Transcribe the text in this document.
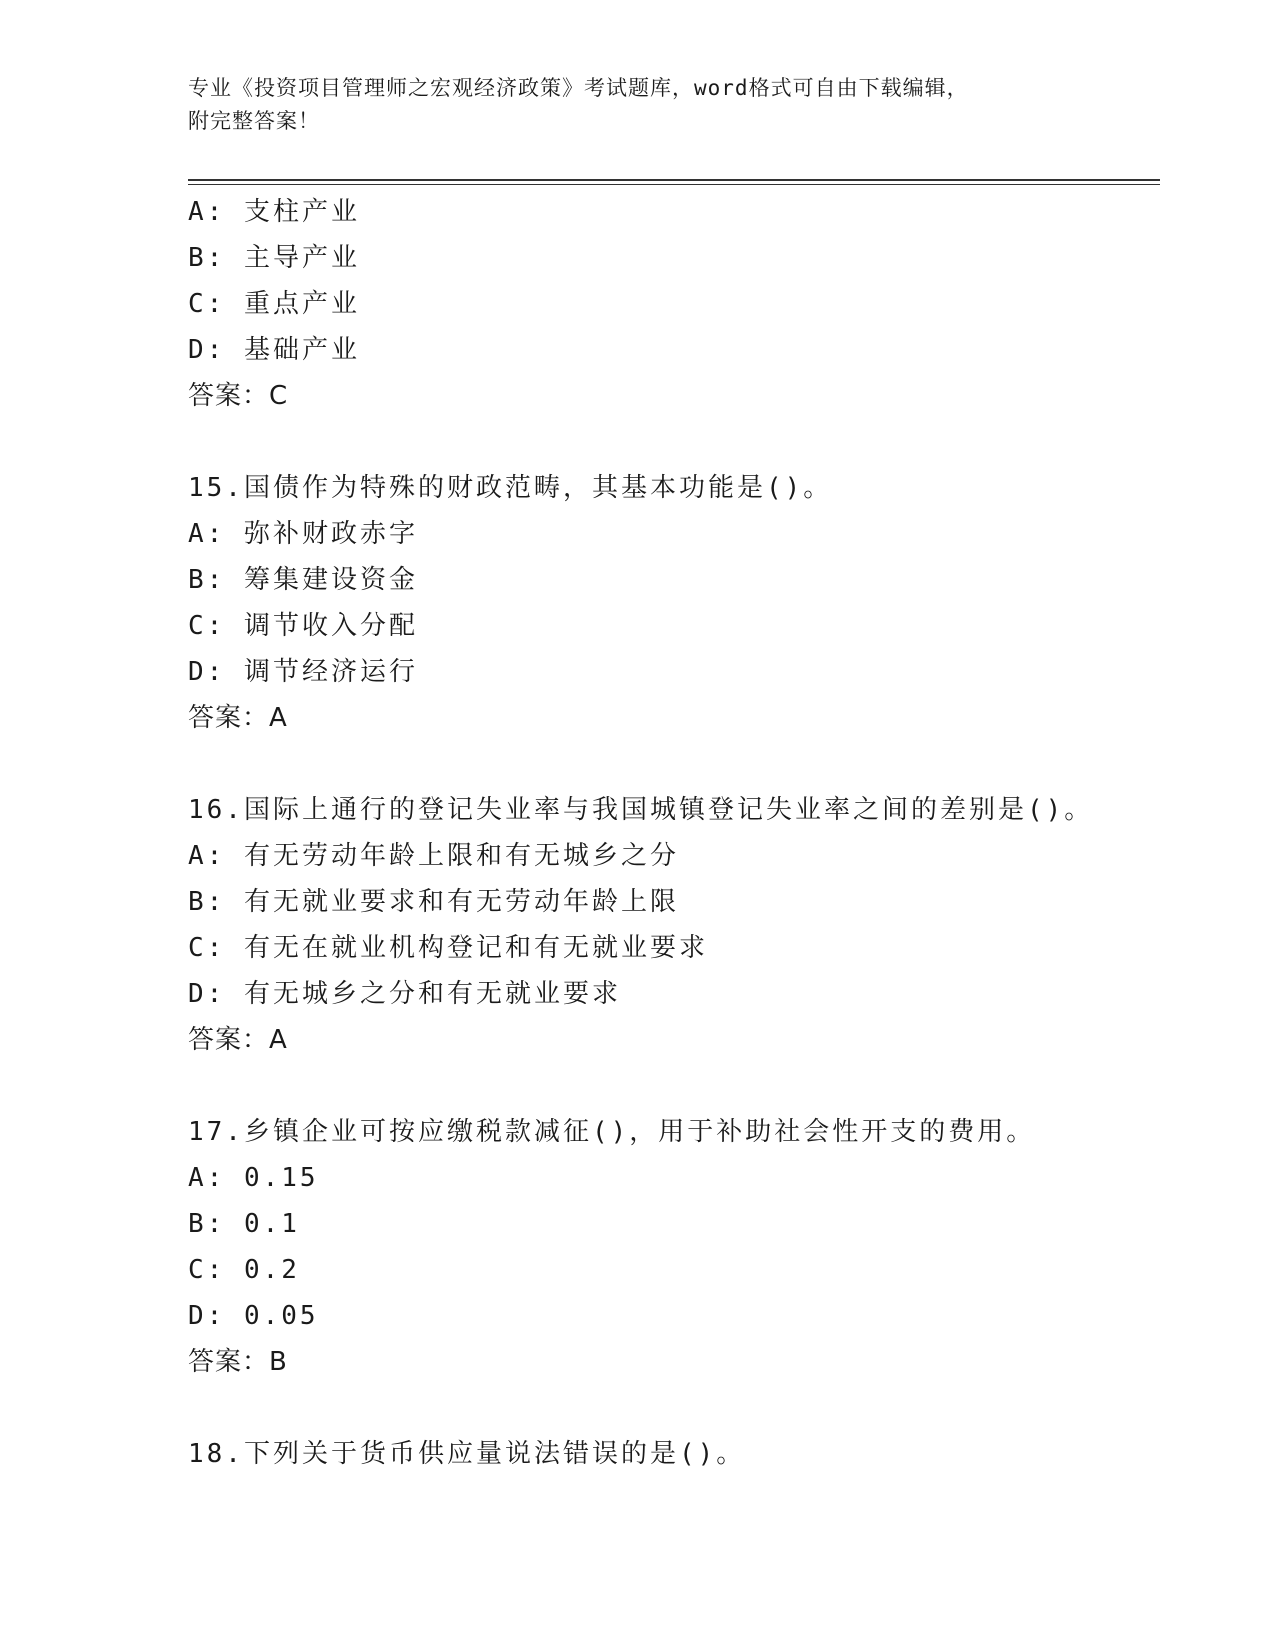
专业《投资项目管理师之宏观经济政策》考试题库，word格式可自由下载编辑，
附完整答案！
A: 支柱产业
B: 主导产业
C: 重点产业
D: 基础产业
答案：C
15.国债作为特殊的财政范畴，其基本功能是()。
A: 弥补财政赤字
B: 筹集建设资金
C: 调节收入分配
D: 调节经济运行
答案：A
16.国际上通行的登记失业率与我国城镇登记失业率之间的差别是()。
A: 有无劳动年龄上限和有无城乡之分
B: 有无就业要求和有无劳动年龄上限
C: 有无在就业机构登记和有无就业要求
D: 有无城乡之分和有无就业要求
答案：A
17.乡镇企业可按应缴税款减征()，用于补助社会性开支的费用。
A: 0.15
B: 0.1
C: 0.2
D: 0.05
答案：B
18.下列关于货币供应量说法错误的是()。
